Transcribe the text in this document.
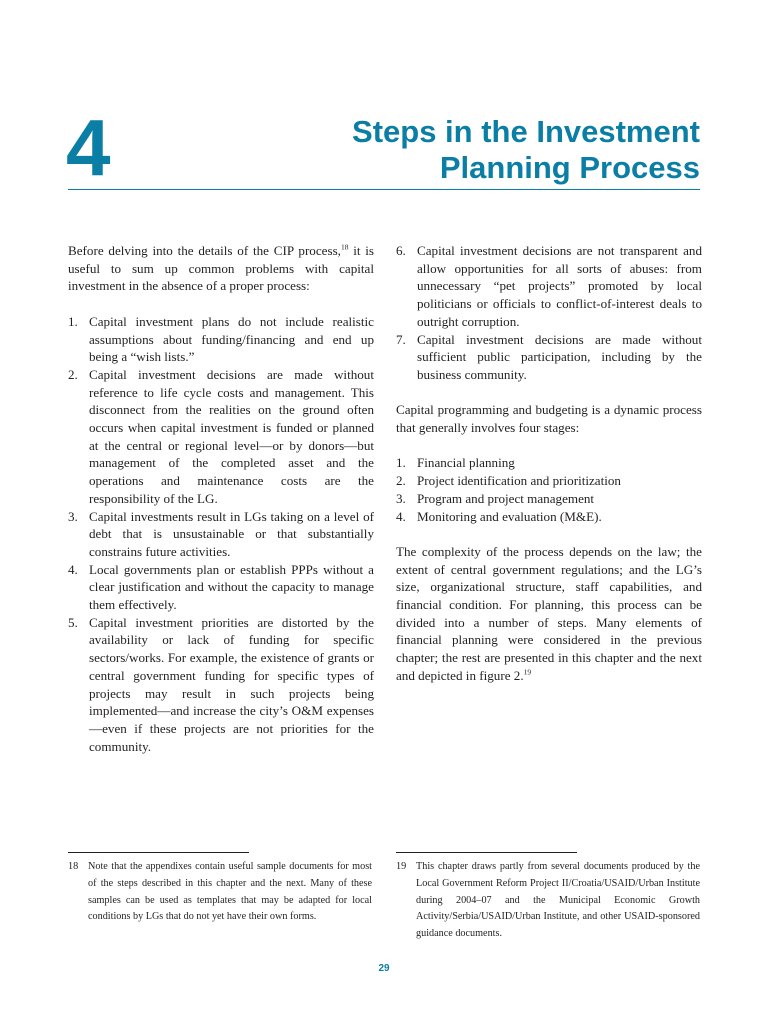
4	Steps in the Investment
Planning Process

Before delving into the details of the CIP process,$^{18}$ it is useful to sum up common problems with capital investment in the absence of a proper process:

1. Capital investment plans do not include realistic assumptions about funding/financing and end up being a “wish lists.”
2. Capital investment decisions are made without reference to life cycle costs and management. This disconnect from the realities on the ground often occurs when capital investment is funded or planned at the central or regional level—or by donors—but management of the completed asset and the operations and maintenance costs are the responsibility of the LG.
3. Capital investments result in LGs taking on a level of debt that is unsustainable or that substantially constrains future activities.
4. Local governments plan or establish PPPs without a clear justification and without the capacity to manage them effectively.
5. Capital investment priorities are distorted by the availability or lack of funding for specific sectors/works. For example, the existence of grants or central government funding for specific types of projects may result in such projects being implemented—and increase the city’s O&M expenses—even if these projects are not priorities for the community.
6. Capital investment decisions are not transparent and allow opportunities for all sorts of abuses: from unnecessary “pet projects” promoted by local politicians or officials to conflict-of-interest deals to outright corruption.
7. Capital investment decisions are made without sufficient public participation, including by the business community.

Capital programming and budgeting is a dynamic process that generally involves four stages:

1. Financial planning
2. Project identification and prioritization
3. Program and project management
4. Monitoring and evaluation (M&E).

The complexity of the process depends on the law; the extent of central government regulations; and the LG’s size, organizational structure, staff capabilities, and financial condition. For planning, this process can be divided into a number of steps. Many elements of financial planning were considered in the previous chapter; the rest are presented in this chapter and the next and depicted in figure 2.19

18 Note that the appendixes contain useful sample documents for most of the steps described in this chapter and the next. Many of these samples can be used as templates that may be adapted for local conditions by LGs that do not yet have their own forms.
19 This chapter draws partly from several documents produced by the Local Government Reform Project II/Croatia/USAID/Urban Institute during 2004–07 and the Municipal Economic Growth Activity/Serbia/USAID/Urban Institute, and other USAID-sponsored guidance documents.
29
